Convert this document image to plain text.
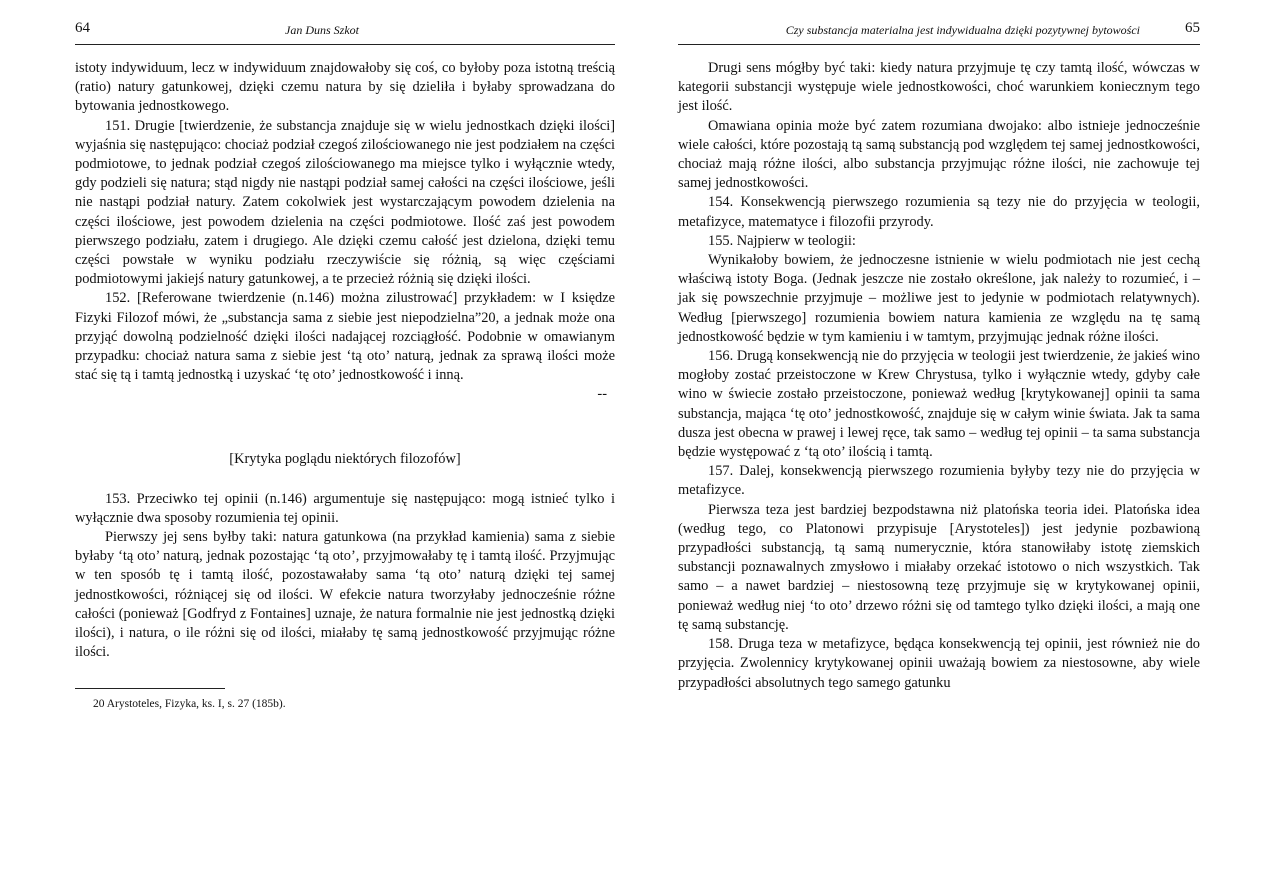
64	Jan Duns Szkot

istoty indywiduum, lecz w indywiduum znajdowałoby się coś, co byłoby poza istotną treścią (ratio) natury gatunkowej, dzięki czemu natura by się dzieliła i byłaby sprowadzana do bytowania jednostkowego.

151. Drugie [twierdzenie, że substancja znajduje się w wielu jednostkach dzięki ilości] wyjaśnia się następująco: chociaż podział czegoś zilościowanego nie jest podziałem na części podmiotowe, to jednak podział czegoś zilościowanego ma miejsce tylko i wyłącznie wtedy, gdy podzieli się natura; stąd nigdy nie nastąpi podział samej całości na części ilościowe, jeśli nie nastąpi podział natury. Zatem cokolwiek jest wystarczającym powodem dzielenia na części ilościowe, jest powodem dzielenia na części podmiotowe. Ilość zaś jest powodem pierwszego podziału, zatem i drugiego. Ale dzięki czemu całość jest dzielona, dzięki temu części powstałe w wyniku podziału rzeczywiście się różnią, są więc częściami podmiotowymi jakiejś natury gatunkowej, a te przecież różnią się dzięki ilości.

152. [Referowane twierdzenie (n.146) można zilustrować] przykładem: w I księdze Fizyki Filozof mówi, że „substancja sama z siebie jest niepodzielna”20, a jednak może ona przyjąć dowolną podzielność dzięki ilości nadającej rozciągłość. Podobnie w omawianym przypadku: chociaż natura sama z siebie jest ‘tą oto’ naturą, jednak za sprawą ilości może stać się tą i tamtą jednostką i uzyskać ‘tę oto’ jednostkowość i inną.

--
[Krytyka poglądu niektórych filozofów]

153. Przeciwko tej opinii (n.146) argumentuje się następująco: mogą istnieć tylko i wyłącznie dwa sposoby rozumienia tej opinii.

Pierwszy jej sens byłby taki: natura gatunkowa (na przykład kamienia) sama z siebie byłaby ‘tą oto’ naturą, jednak pozostając ‘tą oto’, przyjmowałaby tę i tamtą ilość. Przyjmując w ten sposób tę i tamtą ilość, pozostawałaby sama ‘tą oto’ naturą dzięki tej samej jednostkowości, różniącej się od ilości. W efekcie natura tworzyłaby jednocześnie różne całości (ponieważ [Godfryd z Fontaines] uznaje, że natura formalnie nie jest jednostką dzięki ilości), i natura, o ile różni się od ilości, miałaby tę samą jednostkowość przyjmując różne ilości.

20 Arystoteles, Fizyka, ks. I, s. 27 (185b).
Czy substancja materialna jest indywidualna dzięki pozytywnej bytowości	65

Drugi sens mógłby być taki: kiedy natura przyjmuje tę czy tamtą ilość, wówczas w kategorii substancji występuje wiele jednostkowości, choć warunkiem koniecznym tego jest ilość.

Omawiana opinia może być zatem rozumiana dwojako: albo istnieje jednocześnie wiele całości, które pozostają tą samą substancją pod względem tej samej jednostkowości, chociaż mają różne ilości, albo substancja przyjmując różne ilości, nie zachowuje tej samej jednostkowości.

154. Konsekwencją pierwszego rozumienia są tezy nie do przyjęcia w teologii, metafizyce, matematyce i filozofii przyrody.

155. Najpierw w teologii:

Wynikałoby bowiem, że jednoczesne istnienie w wielu podmiotach nie jest cechą właściwą istoty Boga. (Jednak jeszcze nie zostało określone, jak należy to rozumieć, i – jak się powszechnie przyjmuje – możliwe jest to jedynie w podmiotach relatywnych). Według [pierwszego] rozumienia bowiem natura kamienia ze względu na tę samą jednostkowość będzie w tym kamieniu i w tamtym, przyjmując jednak różne ilości.

156. Drugą konsekwencją nie do przyjęcia w teologii jest twierdzenie, że jakieś wino mogłoby zostać przeistoczone w Krew Chrystusa, tylko i wyłącznie wtedy, gdyby całe wino w świecie zostało przeistoczone, ponieważ według [krytykowanej] opinii ta sama substancja, mająca ‘tę oto’ jednostkowość, znajduje się w całym winie świata. Jak ta sama dusza jest obecna w prawej i lewej ręce, tak samo – według tej opinii – ta sama substancja będzie występować z ‘tą oto’ ilością i tamtą.

157. Dalej, konsekwencją pierwszego rozumienia byłyby tezy nie do przyjęcia w metafizyce.

Pierwsza teza jest bardziej bezpodstawna niż platońska teoria idei. Platońska idea (według tego, co Platonowi przypisuje [Arystoteles]) jest jedynie pozbawioną przypadłości substancją, tą samą numerycznie, która stanowiłaby istotę ziemskich substancji poznawalnych zmysłowo i miałaby orzekać istotowo o nich wszystkich. Tak samo – a nawet bardziej – niestosowną tezę przyjmuje się w krytykowanej opinii, ponieważ według niej ‘to oto’ drzewo różni się od tamtego tylko dzięki ilości, a mają one tę samą substancję.

158. Druga teza w metafizyce, będąca konsekwencją tej opinii, jest również nie do przyjęcia. Zwolennicy krytykowanej opinii uważają bowiem za niestosowne, aby wiele przypadłości absolutnych tego samego gatunku
